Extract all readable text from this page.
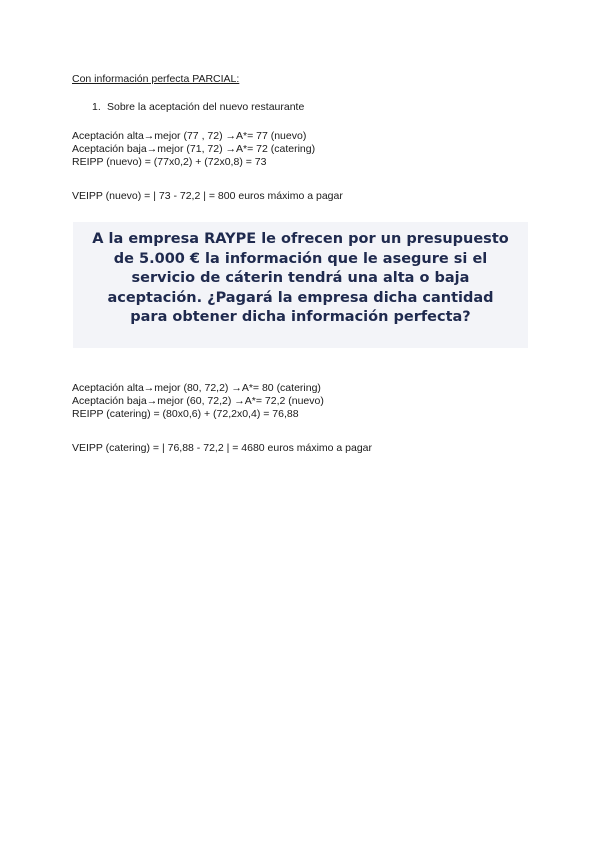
Con información perfecta PARCIAL:

1. Sobre la aceptación del nuevo restaurante
Aceptación alta→mejor (77 , 72) →A*= 77 (nuevo)
Aceptación baja→mejor (71, 72) →A*= 72 (catering)
REIPP (nuevo) = (77x0,2) + (72x0,8) = 73
VEIPP (nuevo) = | 73 - 72,2 | = 800 euros máximo a pagar
A la empresa RAYPE le ofrecen por un presupuesto de 5.000 € la información que le asegure si el servicio de cáterin tendrá una alta o baja aceptación. ¿Pagará la empresa dicha cantidad para obtener dicha información perfecta?
Aceptación alta→mejor (80, 72,2) →A*= 80 (catering)
Aceptación baja→mejor (60, 72,2) →A*= 72,2 (nuevo)
REIPP (catering) = (80x0,6) + (72,2x0,4) = 76,88
VEIPP (catering) = | 76,88 - 72,2 | = 4680 euros máximo a pagar
